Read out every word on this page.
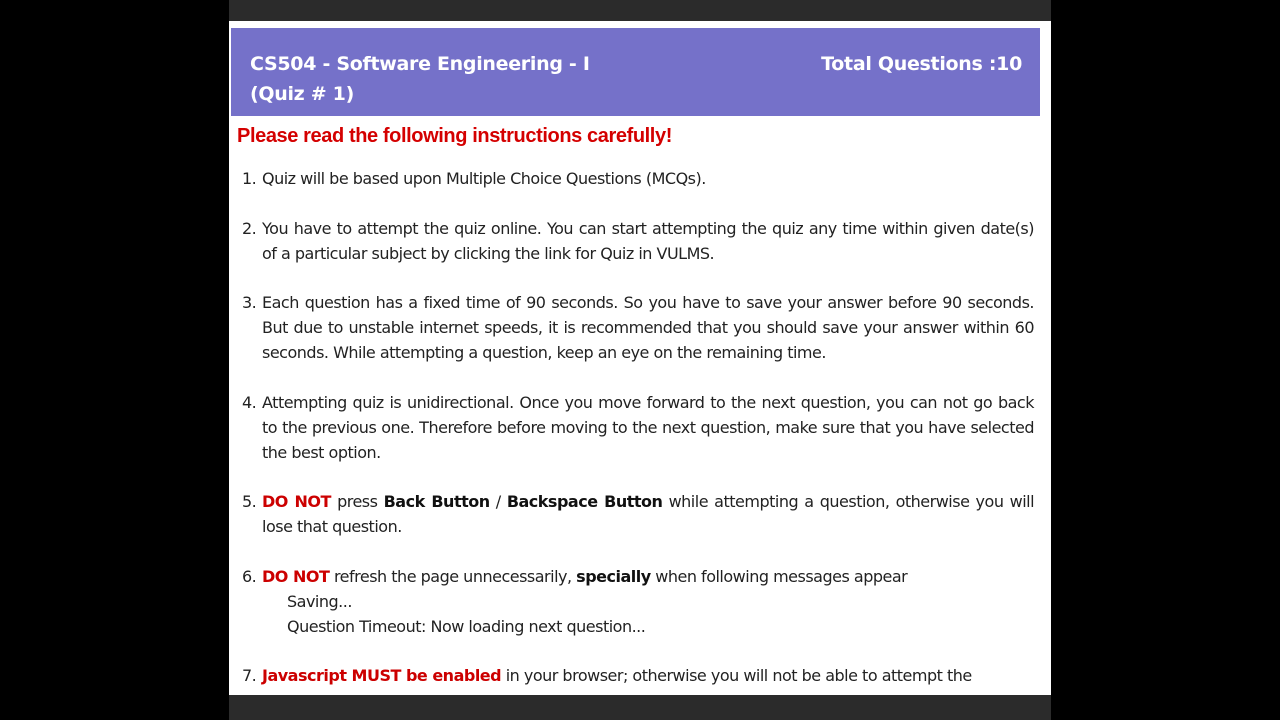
CS504 - Software Engineering - I
(Quiz # 1)
Total Questions :10
Please read the following instructions carefully!
1. Quiz will be based upon Multiple Choice Questions (MCQs).
2. You have to attempt the quiz online. You can start attempting the quiz any time within given date(s) of a particular subject by clicking the link for Quiz in VULMS.
3. Each question has a fixed time of 90 seconds. So you have to save your answer before 90 seconds. But due to unstable internet speeds, it is recommended that you should save your answer within 60 seconds. While attempting a question, keep an eye on the remaining time.
4. Attempting quiz is unidirectional. Once you move forward to the next question, you can not go back to the previous one. Therefore before moving to the next question, make sure that you have selected the best option.
5. DO NOT press Back Button / Backspace Button while attempting a question, otherwise you will lose that question.
6. DO NOT refresh the page unnecessarily, specially when following messages appear
Saving...
Question Timeout: Now loading next question...
7. Javascript MUST be enabled in your browser; otherwise you will not be able to attempt the
